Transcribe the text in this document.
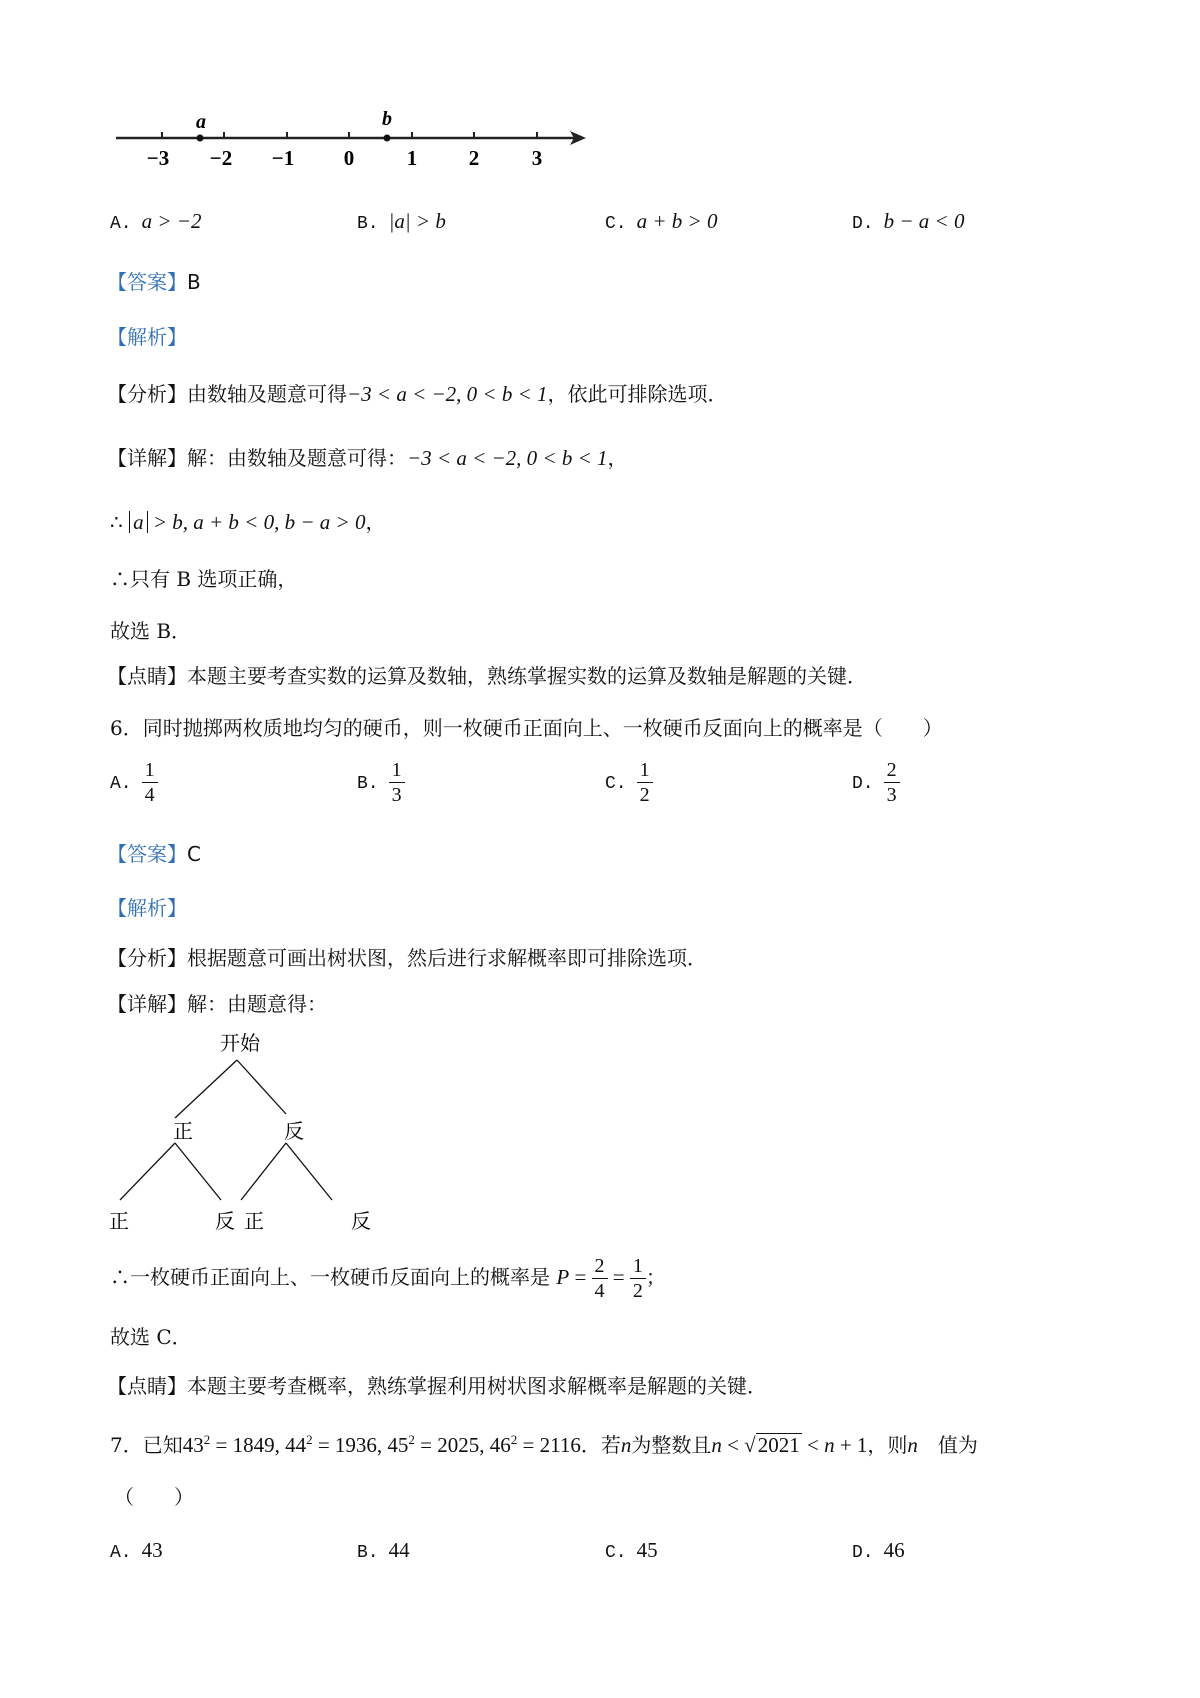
a	b
−3 −2 −1 0	1 2	3
A. a > −2	B. |a| > b	C. a + b > 0	D. b − a < 0
【答案】B
【解析】
【分析】由数轴及题意可得−3 < a < −2, 0 < b < 1，依此可排除选项．
【详解】解：由数轴及题意可得：−3 < a < −2, 0 < b < 1，
∴ a > b, a + b < 0, b − a > 0，
∴只有 B 选项正确，
故选 B．
【点睛】本题主要考查实数的运算及数轴，熟练掌握实数的运算及数轴是解题的关键．
6．同时抛掷两枚质地均匀的硬币，则一枚硬币正面向上、一枚硬币反面向上的概率是（　　）
A. $\frac{1}{4}$	B. $\frac{1}{3}$	C. $\frac{1}{2}$	D. $\frac{2}{3}$
【答案】C
【解析】
【分析】根据题意可画出树状图，然后进行求解概率即可排除选项．
【详解】解：由题意得：
开始
正	反
正	反 正	反
∴一枚硬币正面向上、一枚硬币反面向上的概率是 $P = \frac{2}{4} = \frac{1}{2}$ ；
故选 C．
【点睛】本题主要考查概率，熟练掌握利用树状图求解概率是解题的关键．
7．已知$43^2 = 1849$, $44^2 = 1936$, $45^2 = 2025$, $46^2 = 2116$．若n为整数且n < √2021 < n + 1，则n 值为
（　　）
A. 43	B. 44	C. 45	D. 46
